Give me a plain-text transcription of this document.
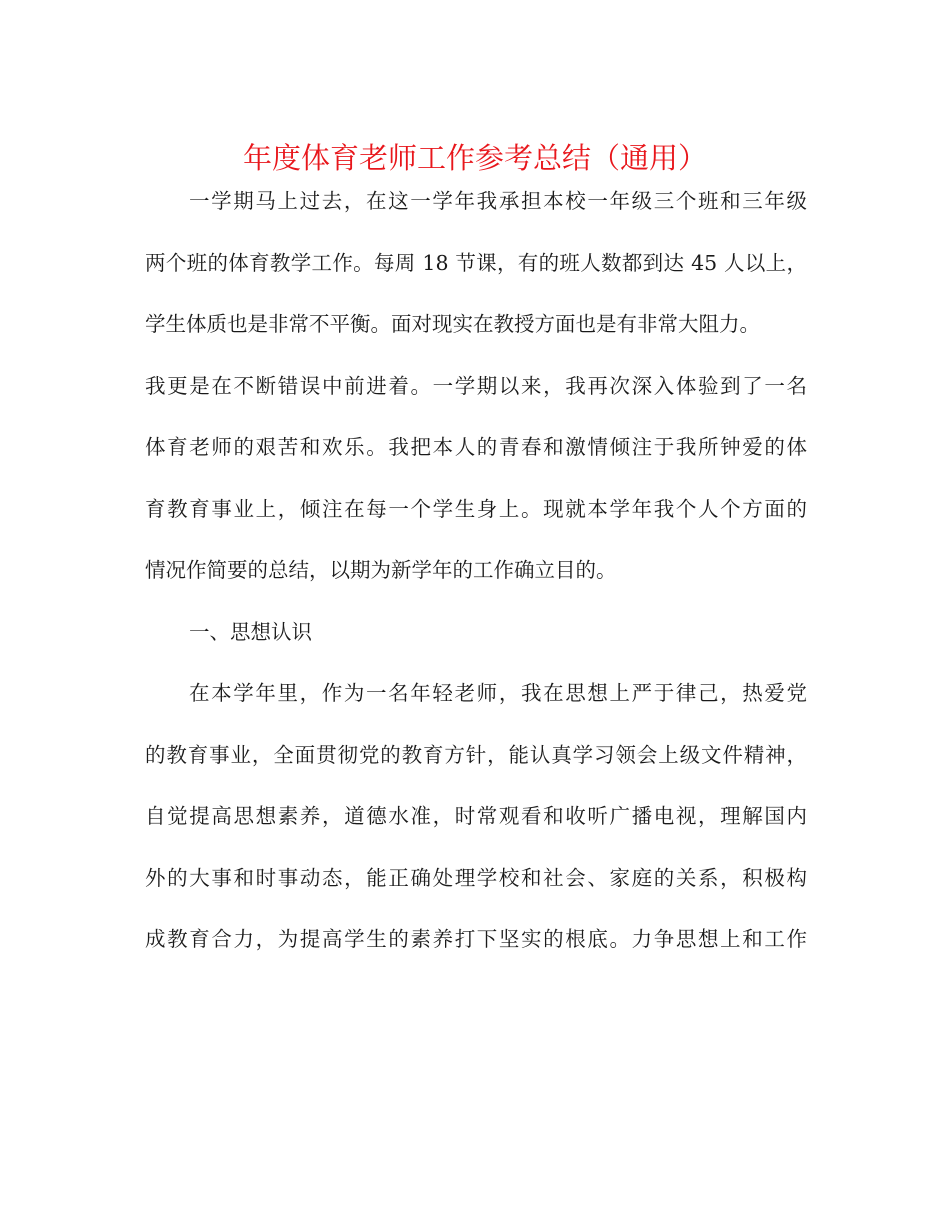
年度体育老师工作参考总结（通用）
一学期马上过去，在这一学年我承担本校一年级三个班和三年级
两个班的体育教学工作。每周 18 节课，有的班人数都到达 45 人以上，
学生体质也是非常不平衡。面对现实在教授方面也是有非常大阻力。
我更是在不断错误中前进着。一学期以来，我再次深入体验到了一名
体育老师的艰苦和欢乐。我把本人的青春和激情倾注于我所钟爱的体
育教育事业上，倾注在每一个学生身上。现就本学年我个人个方面的
情况作简要的总结，以期为新学年的工作确立目的。
一、思想认识
在本学年里，作为一名年轻老师，我在思想上严于律己，热爱党
的教育事业，全面贯彻党的教育方针，能认真学习领会上级文件精神，
自觉提高思想素养，道德水准，时常观看和收听广播电视，理解国内
外的大事和时事动态，能正确处理学校和社会、家庭的关系，积极构
成教育合力，为提高学生的素养打下坚实的根底。力争思想上和工作
